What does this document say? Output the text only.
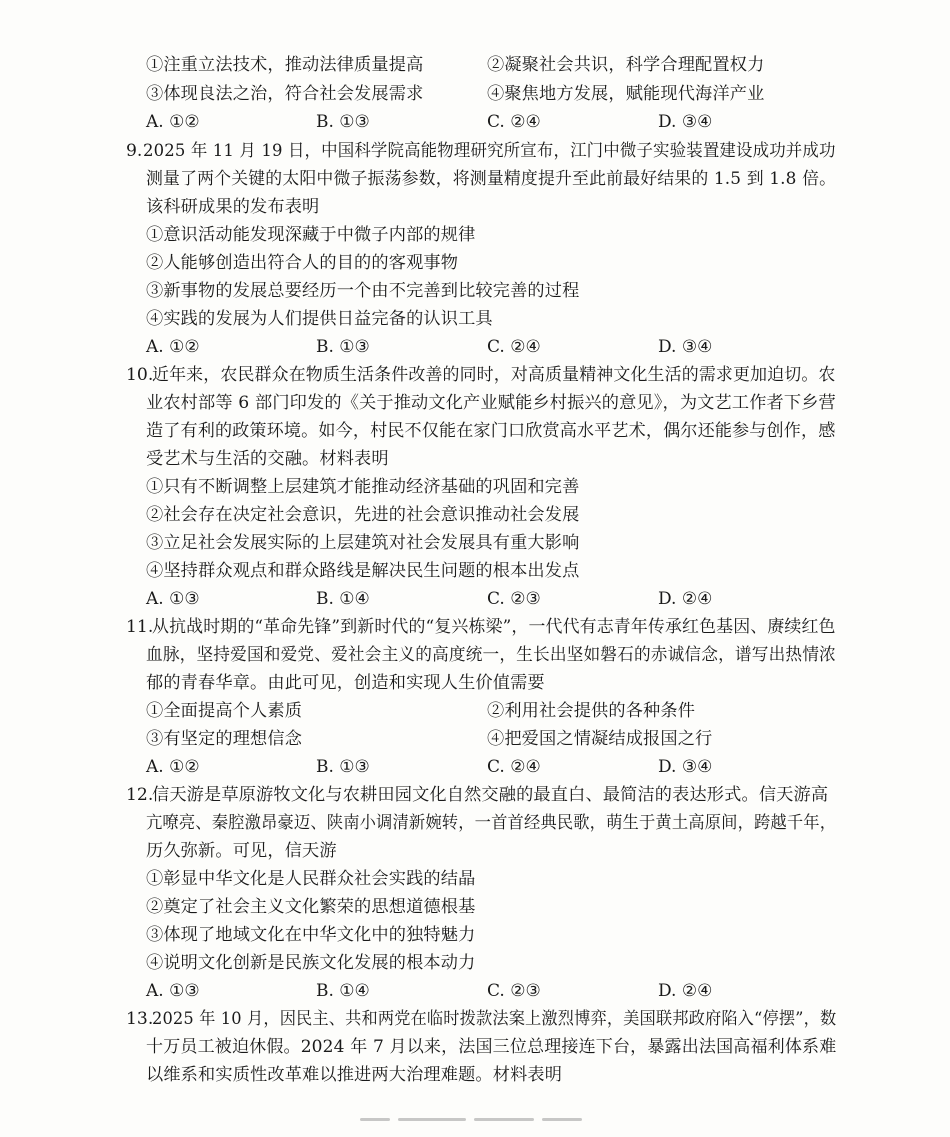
①注重立法技术，推动法律质量提高	②凝聚社会共识，科学合理配置权力
③体现良法之治，符合社会发展需求	④聚焦地方发展，赋能现代海洋产业
A. ①②	B. ①③	C. ②④	D. ③④
9. 2025 年 11 月 19 日，中国科学院高能物理研究所宣布，江门中微子实验装置建设成功并成功
测量了两个关键的太阳中微子振荡参数，将测量精度提升至此前最好结果的 1.5 到 1.8 倍。
该科研成果的发布表明
①意识活动能发现深藏于中微子内部的规律
②人能够创造出符合人的目的的客观事物
③新事物的发展总要经历一个由不完善到比较完善的过程
④实践的发展为人们提供日益完备的认识工具
A. ①②	B. ①③	C. ②④	D. ③④
10.
近年来，农民群众在物质生活条件改善的同时，对高质量精神文化生活的需求更加迫切。农
业农村部等 6 部门印发的《关于推动文化产业赋能乡村振兴的意见》，为文艺工作者下乡营
造了有利的政策环境。如今，村民不仅能在家门口欣赏高水平艺术，偶尔还能参与创作，感
受艺术与生活的交融。材料表明
①只有不断调整上层建筑才能推动经济基础的巩固和完善
②社会存在决定社会意识，先进的社会意识推动社会发展
③立足社会发展实际的上层建筑对社会发展具有重大影响
④坚持群众观点和群众路线是解决民生问题的根本出发点
A. ①③	B. ①④	C. ②③	D. ②④
11.
从抗战时期的“革命先锋”到新时代的“复兴栋梁”，一代代有志青年传承红色基因、赓续红色
血脉，坚持爱国和爱党、爱社会主义的高度统一，生长出坚如磐石的赤诚信念，谱写出热情浓
郁的青春华章。由此可见，创造和实现人生价值需要
①全面提高个人素质	②利用社会提供的各种条件
③有坚定的理想信念	④把爱国之情凝结成报国之行
A. ①②	B. ①③	C. ②④	D. ③④
12.
信天游是草原游牧文化与农耕田园文化自然交融的最直白、最简洁的表达形式。信天游高
亢嘹亮、秦腔激昂豪迈、陕南小调清新婉转，一首首经典民歌，萌生于黄土高原间，跨越千年，
历久弥新。可见，信天游
①彰显中华文化是人民群众社会实践的结晶
②奠定了社会主义文化繁荣的思想道德根基
③体现了地域文化在中华文化中的独特魅力
④说明文化创新是民族文化发展的根本动力
A. ①③	B. ①④	C. ②③	D. ②④
13.
2025 年 10 月，因民主、共和两党在临时拨款法案上激烈博弈，美国联邦政府陷入“停摆”，数
十万员工被迫休假。2024 年 7 月以来，法国三位总理接连下台，暴露出法国高福利体系难
以维系和实质性改革难以推进两大治理难题。材料表明
